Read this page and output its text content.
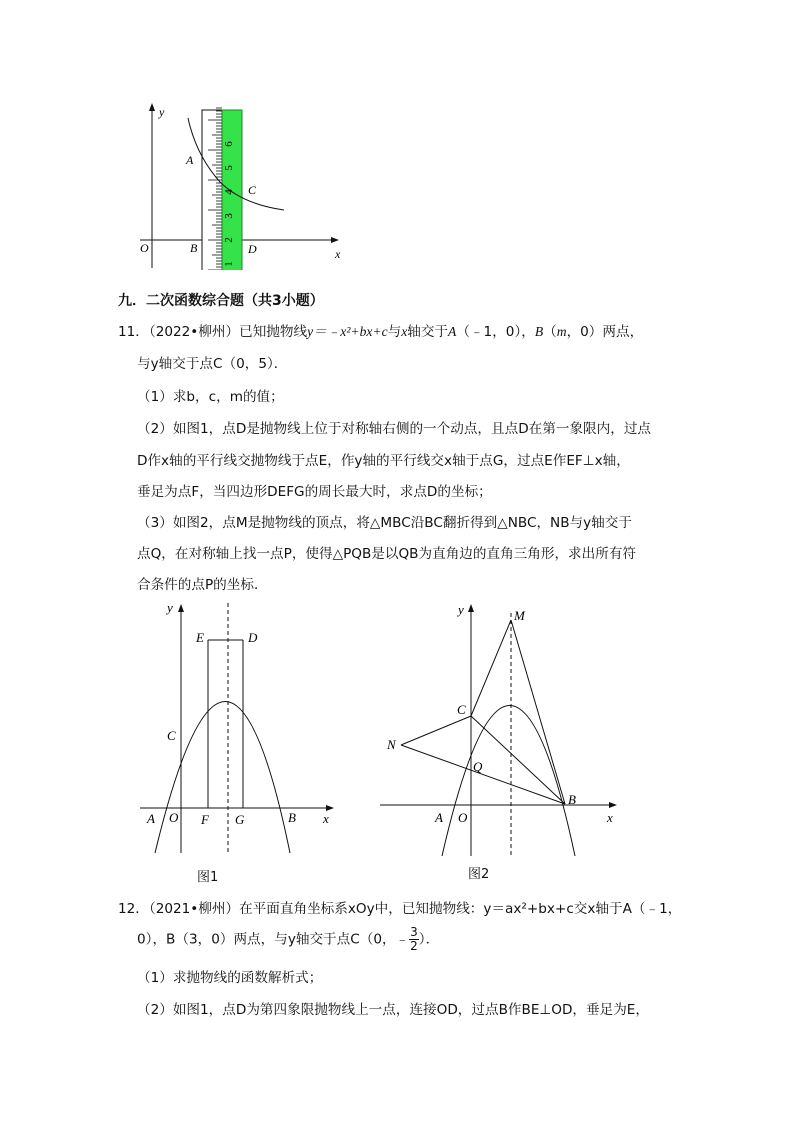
1
2
3
4
5
6
y
x
O
A
B
C
D
九．二次函数综合题（共3小题）
11．（2022•柳州）已知抛物线y＝﹣x²+bx+c与x轴交于A（﹣1，0），B（m，0）两点，
与y轴交于点C（0，5）．
（1）求b，c，m的值；
（2）如图1，点D是抛物线上位于对称轴右侧的一个动点，且点D在第一象限内，过点
D作x轴的平行线交抛物线于点E，作y轴的平行线交x轴于点G，过点E作EF⊥x轴，
垂足为点F，当四边形DEFG的周长最大时，求点D的坐标；
（3）如图2，点M是抛物线的顶点，将△MBC沿BC翻折得到△NBC，NB与y轴交于
点Q，在对称轴上找一点P，使得△PQB是以QB为直角边的直角三角形，求出所有符
合条件的点P的坐标．
y
x
E	D
C
A O F G	B
图1
y
x
M
C
N
Q
B
A O
图2
12．（2021•柳州）在平面直角坐标系xOy中，已知抛物线：y＝ax²+bx+c交x轴于A（﹣1，
0），B（3，0）两点，与y轴交于点C（0，﹣ $\frac{3}{2}$ ）．
（1）求抛物线的函数解析式；
（2）如图1，点D为第四象限抛物线上一点，连接OD，过点B作BE⊥OD，垂足为E，
